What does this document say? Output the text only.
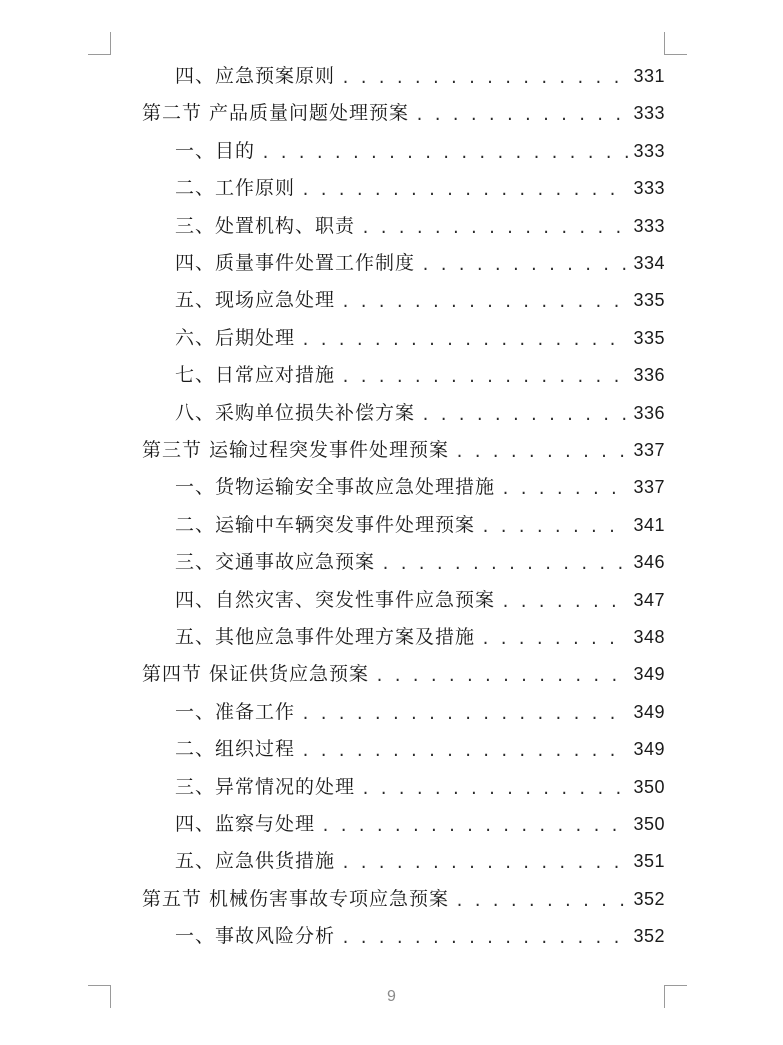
四、应急预案原则 . . .	331
第二节 产品质量问题处理预案 . . .	333
一、目的 . . .	333
二、工作原则 . . .	333
三、处置机构、职责 . . .	333
四、质量事件处置工作制度 . . .	334
五、现场应急处理 . . .	335
六、后期处理 . . .	335
七、日常应对措施 . . .	336
八、采购单位损失补偿方案 . . .	336
第三节 运输过程突发事件处理预案 . . .	337
一、货物运输安全事故应急处理措施 . . .	337
二、运输中车辆突发事件处理预案 . . .	341
三、交通事故应急预案 . . .	346
四、自然灾害、突发性事件应急预案 . . .	347
五、其他应急事件处理方案及措施 . . .	348
第四节 保证供货应急预案 . . .	349
一、准备工作 . . .	349
二、组织过程 . . .	349
三、异常情况的处理 . . .	350
四、监察与处理 . . .	350
五、应急供货措施 . . .	351
第五节 机械伤害事故专项应急预案 . . .	352
一、事故风险分析 . . .	352
9
